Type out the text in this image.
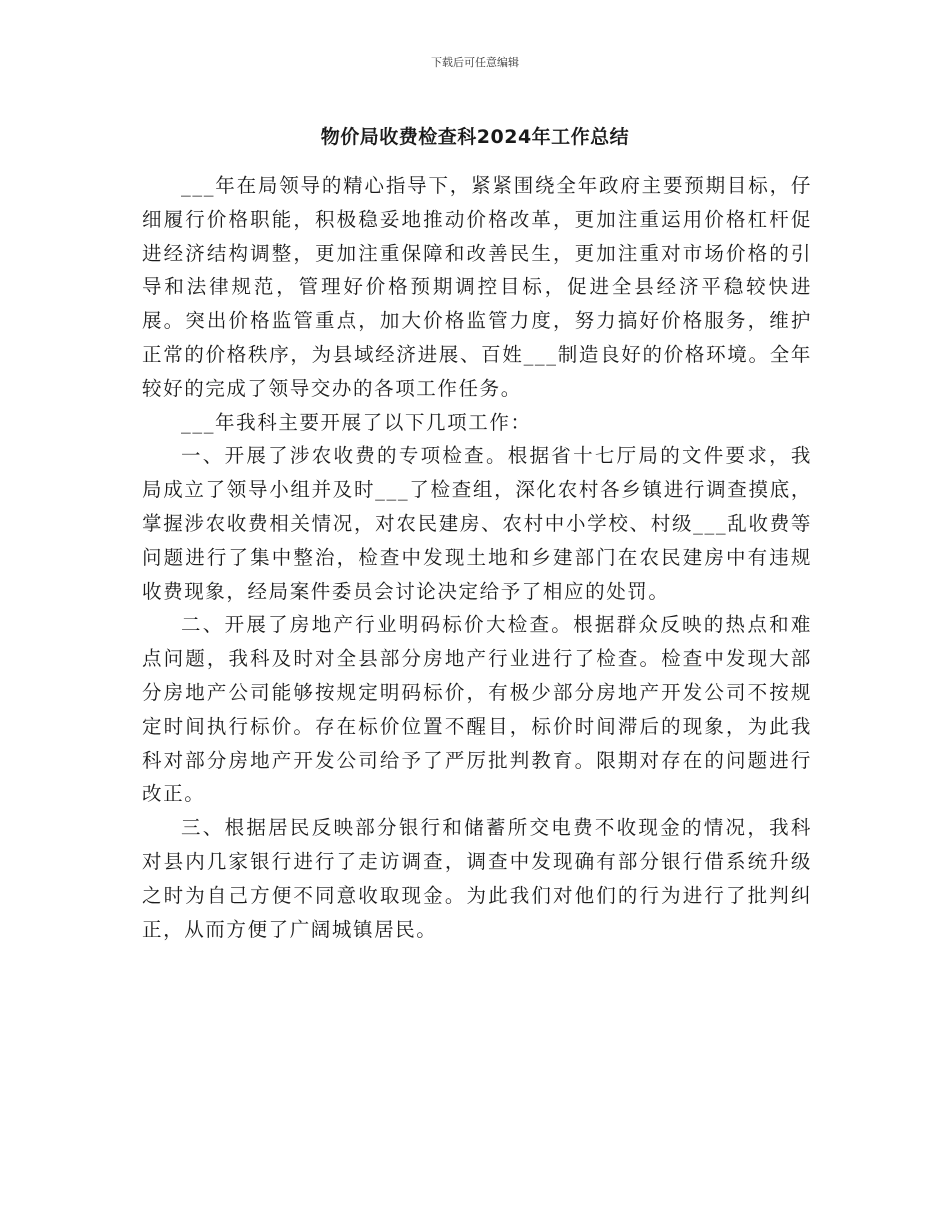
下载后可任意编辑
物价局收费检查科2024年工作总结

___年在局领导的精心指导下，紧紧围绕全年政府主要预期目标，仔细履行价格职能，积极稳妥地推动价格改革，更加注重运用价格杠杆促进经济结构调整，更加注重保障和改善民生，更加注重对市场价格的引导和法律规范，管理好价格预期调控目标，促进全县经济平稳较快进展。突出价格监管重点，加大价格监管力度，努力搞好价格服务，维护正常的价格秩序，为县域经济进展、百姓___制造良好的价格环境。全年较好的完成了领导交办的各项工作任务。

___年我科主要开展了以下几项工作：

一、开展了涉农收费的专项检查。根据省十七厅局的文件要求，我局成立了领导小组并及时___了检查组，深化农村各乡镇进行调查摸底，掌握涉农收费相关情况，对农民建房、农村中小学校、村级___乱收费等问题进行了集中整治，检查中发现土地和乡建部门在农民建房中有违规收费现象，经局案件委员会讨论决定给予了相应的处罚。

二、开展了房地产行业明码标价大检查。根据群众反映的热点和难点问题，我科及时对全县部分房地产行业进行了检查。检查中发现大部分房地产公司能够按规定明码标价，有极少部分房地产开发公司不按规定时间执行标价。存在标价位置不醒目，标价时间滞后的现象，为此我科对部分房地产开发公司给予了严厉批判教育。限期对存在的问题进行改正。

三、根据居民反映部分银行和储蓄所交电费不收现金的情况，我科对县内几家银行进行了走访调查，调查中发现确有部分银行借系统升级之时为自己方便不同意收取现金。为此我们对他们的行为进行了批判纠正，从而方便了广阔城镇居民。
